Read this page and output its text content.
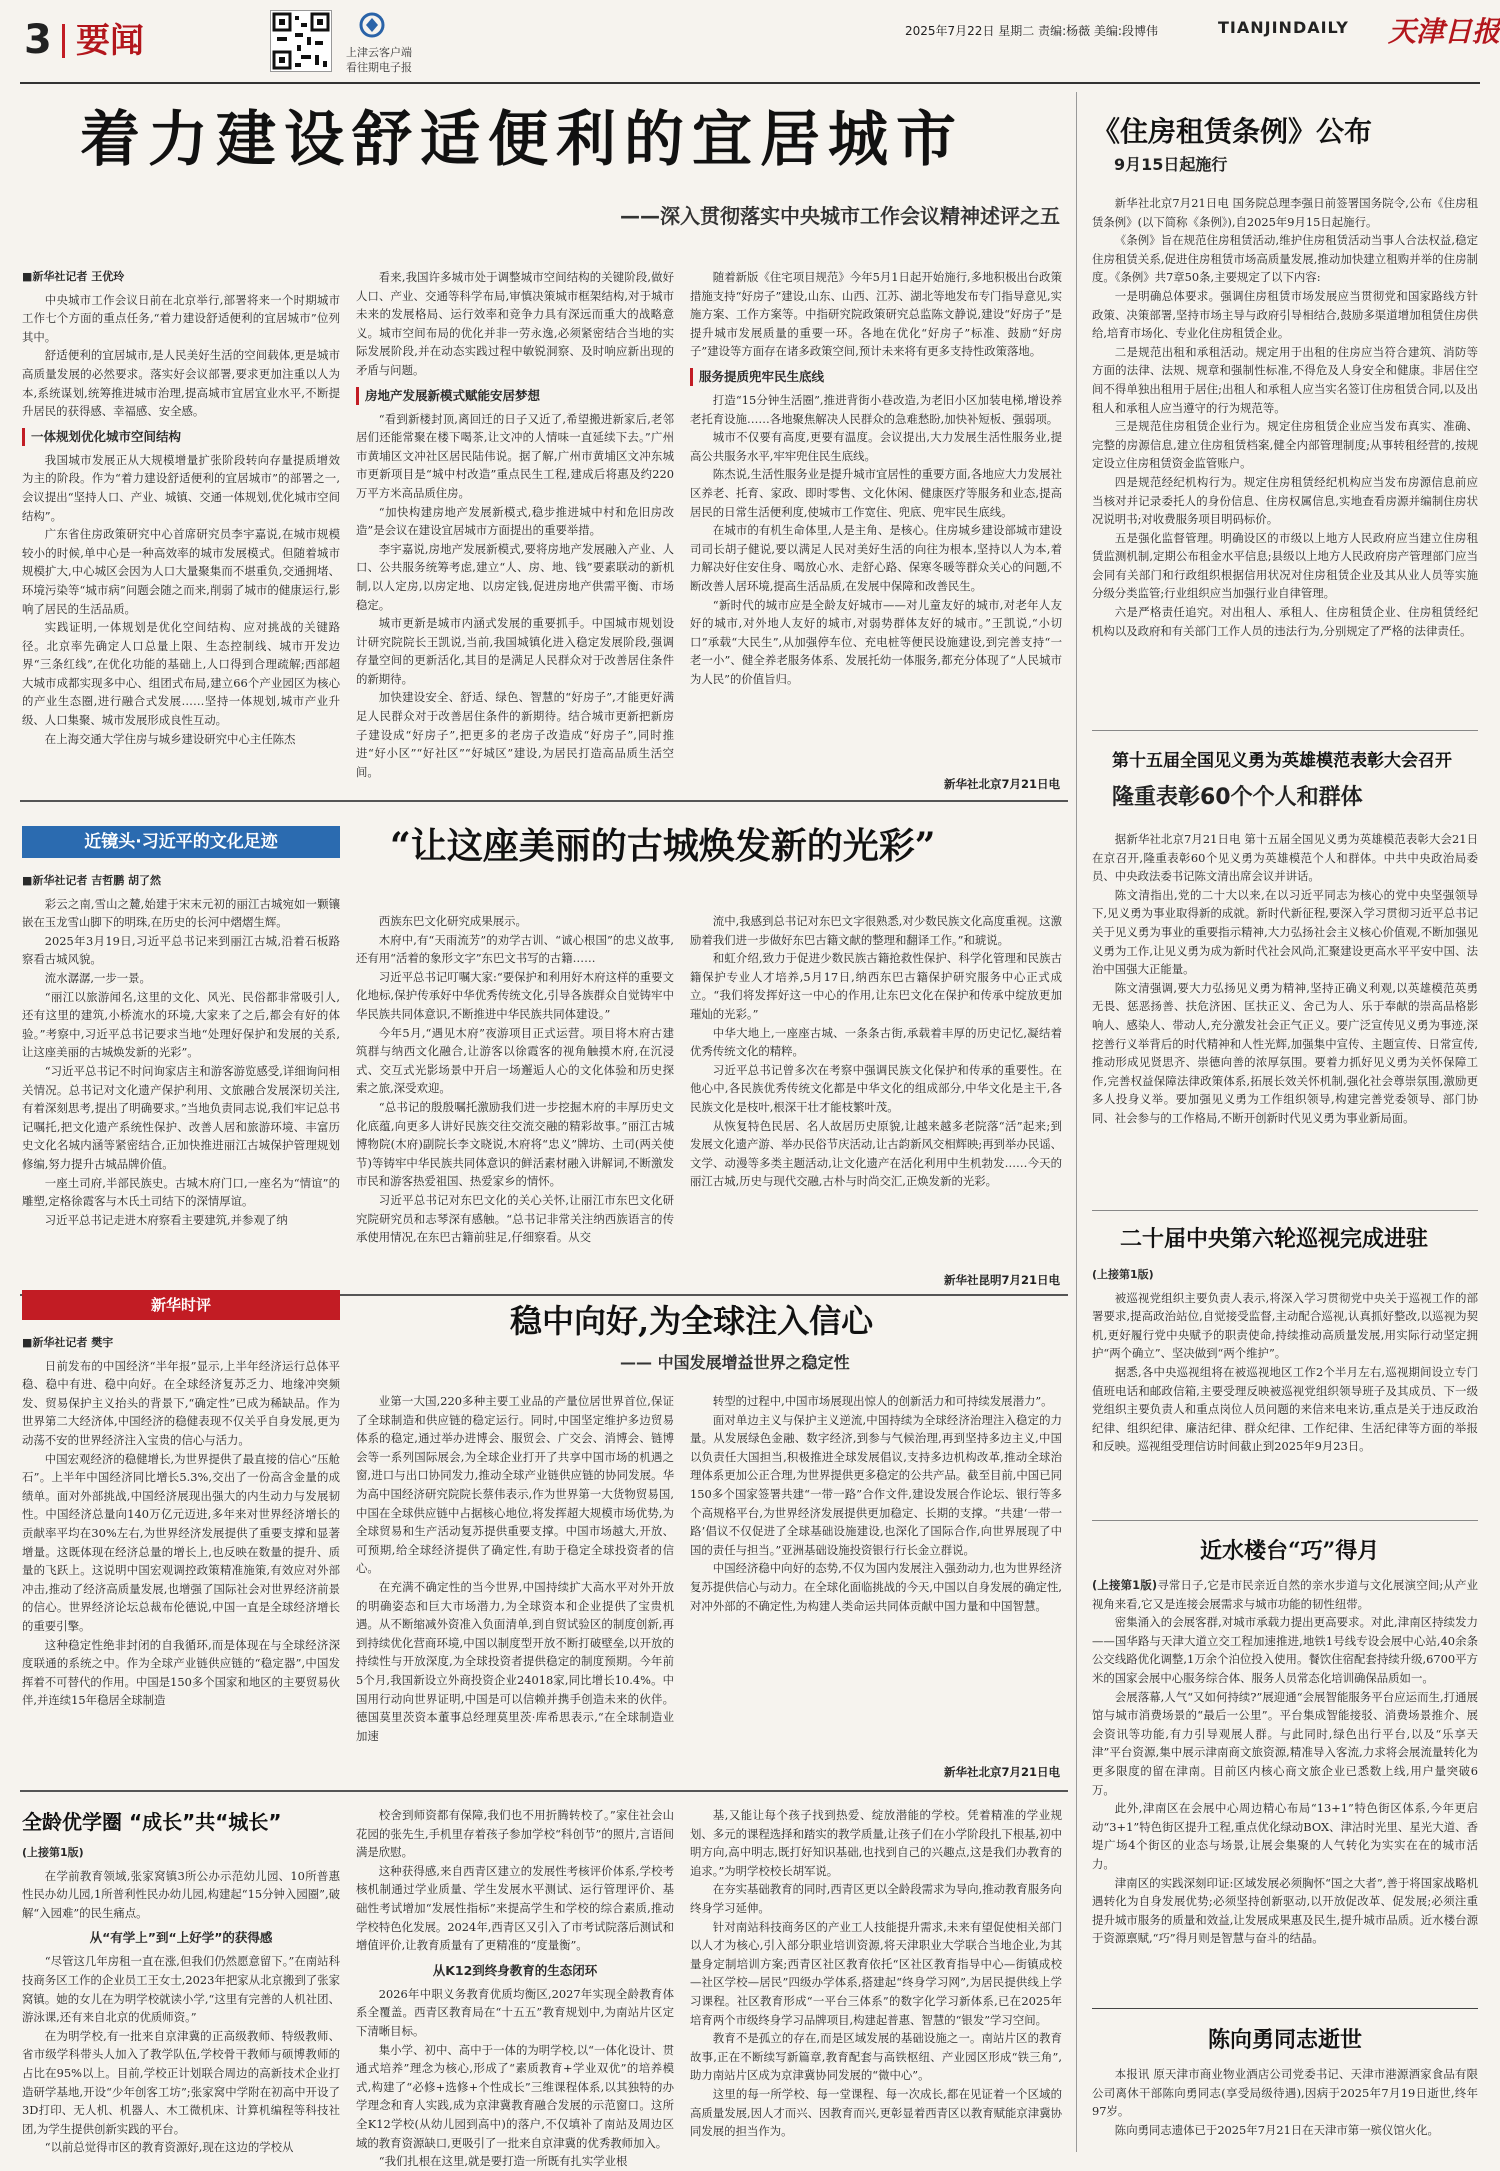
3 要闻	上津云客户端
看往期电子报
2025年7月22日 星期二 责编:杨薇 美编:段博伟	TIANJINDAILY 天津日报
着力建设舒适便利的宜居城市
——深入贯彻落实中央城市工作会议精神述评之五
■新华社记者 王优玲

中央城市工作会议日前在北京举行,部署将来一个时期城市工作七个方面的重点任务,“着力建设舒适便利的宜居城市”位列其中。

舒适便利的宜居城市,是人民美好生活的空间载体,更是城市高质量发展的必然要求。落实好会议部署,要求更加注重以人为本,系统谋划,统筹推进城市治理,提高城市宜居宜业水平,不断提升居民的获得感、幸福感、安全感。

一体规划优化城市空间结构

我国城市发展正从大规模增量扩张阶段转向存量提质增效为主的阶段。作为“着力建设舒适便利的宜居城市”的部署之一,会议提出“坚持人口、产业、城镇、交通一体规划,优化城市空间结构”。

广东省住房政策研究中心首席研究员李宇嘉说,在城市规模较小的时候,单中心是一种高效率的城市发展模式。但随着城市规模扩大,中心城区会因为人口大量聚集而不堪重负,交通拥堵、环境污染等“城市病”问题会随之而来,削弱了城市的健康运行,影响了居民的生活品质。

实践证明,一体规划是优化空间结构、应对挑战的关键路径。北京率先确定人口总量上限、生态控制线、城市开发边界“三条红线”,在优化功能的基础上,人口得到合理疏解;西部超大城市成都实现多中心、组团式布局,建立66个产业园区为核心的产业生态圈,进行融合式发展……坚持一体规划,城市产业升级、人口集聚、城市发展形成良性互动。

在上海交通大学住房与城乡建设研究中心主任陈杰

看来,我国许多城市处于调整城市空间结构的关键阶段,做好人口、产业、交通等科学布局,审慎决策城市框架结构,对于城市未来的发展格局、运行效率和竞争力具有深远而重大的战略意义。城市空间布局的优化并非一劳永逸,必须紧密结合当地的实际发展阶段,并在动态实践过程中敏锐洞察、及时响应新出现的矛盾与问题。

房地产发展新模式赋能安居梦想

“看到新楼封顶,离回迁的日子又近了,希望搬进新家后,老邻居们还能常聚在楼下喝茶,让文冲的人情味一直延续下去。”广州市黄埔区文冲社区居民陆伟说。据了解,广州市黄埔区文冲东城市更新项目是“城中村改造”重点民生工程,建成后将惠及约220万平方米高品质住房。

“加快构建房地产发展新模式,稳步推进城中村和危旧房改造”是会议在建设宜居城市方面提出的重要举措。

李宇嘉说,房地产发展新模式,要将房地产发展融入产业、人口、公共服务统筹考虑,建立“人、房、地、钱”要素联动的新机制,以人定房,以房定地、以房定钱,促进房地产供需平衡、市场稳定。

城市更新是城市内涵式发展的重要抓手。中国城市规划设计研究院院长王凯说,当前,我国城镇化进入稳定发展阶段,强调存量空间的更新活化,其目的是满足人民群众对于改善居住条件的新期待。

加快建设安全、舒适、绿色、智慧的“好房子”,才能更好满足人民群众对于改善居住条件的新期待。结合城市更新把新房子建设成“好房子”,把更多的老房子改造成“好房子”,同时推进“好小区”“好社区”“好城区”建设,为居民打造高品质生活空间。

随着新版《住宅项目规范》今年5月1日起开始施行,多地积极出台政策措施支持“好房子”建设,山东、山西、江苏、湖北等地发布专门指导意见,实施方案、工作方案等。中指研究院政策研究总监陈文静说,建设“好房子”是提升城市发展质量的重要一环。各地在优化“好房子”标准、鼓励“好房子”建设等方面存在诸多政策空间,预计未来将有更多支持性政策落地。

服务提质兜牢民生底线

打造“15分钟生活圈”,推进背街小巷改造,为老旧小区加装电梯,增设养老托育设施……各地聚焦解决人民群众的急难愁盼,加快补短板、强弱项。

城市不仅要有高度,更要有温度。会议提出,大力发展生活性服务业,提高公共服务水平,牢牢兜住民生底线。

陈杰说,生活性服务业是提升城市宜居性的重要方面,各地应大力发展社区养老、托育、家政、即时零售、文化休闲、健康医疗等服务和业态,提高居民的日常生活便利度,使城市工作宽住、兜底、兜牢民生底线。

在城市的有机生命体里,人是主角、是核心。住房城乡建设部城市建设司司长胡子健说,要以满足人民对美好生活的向往为根本,坚持以人为本,着力解决好住安住身、喝放心水、走舒心路、保寒冬暖等群众关心的问题,不断改善人居环境,提高生活品质,在发展中保障和改善民生。

“新时代的城市应是全龄友好城市——对儿童友好的城市,对老年人友好的城市,对外地人友好的城市,对弱势群体友好的城市。”王凯说,“小切口”承载“大民生”,从加强停车位、充电桩等便民设施建设,到完善支持“一老一小”、健全养老服务体系、发展托幼一体服务,都充分体现了“人民城市为人民”的价值旨归。

新华社北京7月21日电
《住房租赁条例》公布
9月15日起施行

新华社北京7月21日电 国务院总理李强日前签署国务院令,公布《住房租赁条例》(以下简称《条例》),自2025年9月15日起施行。

《条例》旨在规范住房租赁活动,维护住房租赁活动当事人合法权益,稳定住房租赁关系,促进住房租赁市场高质量发展,推动加快建立租购并举的住房制度。《条例》共7章50条,主要规定了以下内容:

一是明确总体要求。强调住房租赁市场发展应当贯彻党和国家路线方针政策、决策部署,坚持市场主导与政府引导相结合,鼓励多渠道增加租赁住房供给,培育市场化、专业化住房租赁企业。

二是规范出租和承租活动。规定用于出租的住房应当符合建筑、消防等方面的法律、法规、规章和强制性标准,不得危及人身安全和健康。非居住空间不得单独出租用于居住;出租人和承租人应当实名签订住房租赁合同,以及出租人和承租人应当遵守的行为规范等。

三是规范住房租赁企业行为。规定住房租赁企业应当发布真实、准确、完整的房源信息,建立住房租赁档案,健全内部管理制度;从事转租经营的,按规定设立住房租赁资金监管账户。

四是规范经纪机构行为。规定住房租赁经纪机构应当发布房源信息前应当核对并记录委托人的身份信息、住房权属信息,实地查看房源并编制住房状况说明书;对收费服务项目明码标价。

五是强化监督管理。明确设区的市级以上地方人民政府应当建立住房租赁监测机制,定期公布租金水平信息;县级以上地方人民政府房产管理部门应当会同有关部门和行政组织根据信用状况对住房租赁企业及其从业人员等实施分级分类监管;行业组织应当加强行业自律管理。

六是严格责任追究。对出租人、承租人、住房租赁企业、住房租赁经纪机构以及政府和有关部门工作人员的违法行为,分别规定了严格的法律责任。

第十五届全国见义勇为英雄模范表彰大会召开
隆重表彰60个个人和群体

据新华社北京7月21日电 第十五届全国见义勇为英雄模范表彰大会21日在京召开,隆重表彰60个见义勇为英雄模范个人和群体。中共中央政治局委员、中央政法委书记陈文清出席会议并讲话。

陈文清指出,党的二十大以来,在以习近平同志为核心的党中央坚强领导下,见义勇为事业取得新的成就。新时代新征程,要深入学习贯彻习近平总书记关于见义勇为事业的重要指示精神,大力弘扬社会主义核心价值观,不断加强见义勇为工作,让见义勇为成为新时代社会风尚,汇聚建设更高水平平安中国、法治中国强大正能量。

陈文清强调,要大力弘扬见义勇为精神,坚持正确义利观,以英雄模范英勇无畏、惩恶扬善、扶危济困、匡扶正义、舍己为人、乐于奉献的崇高品格影响人、感染人、带动人,充分激发社会正气正义。要广泛宣传见义勇为事迹,深挖善行义举背后的时代精神和人性光辉,加强集中宣传、主题宣传、日常宣传,推动形成见贤思齐、崇德向善的浓厚氛围。要着力抓好见义勇为关怀保障工作,完善权益保障法律政策体系,拓展长效关怀机制,强化社会尊崇氛围,激励更多人投身义举。要加强见义勇为工作组织领导,构建完善党委领导、部门协同、社会参与的工作格局,不断开创新时代见义勇为事业新局面。

二十届中央第六轮巡视完成进驻
(上接第1版)

被巡视党组织主要负责人表示,将深入学习贯彻党中央关于巡视工作的部署要求,提高政治站位,自觉接受监督,主动配合巡视,认真抓好整改,以巡视为契机,更好履行党中央赋予的职责使命,持续推动高质量发展,用实际行动坚定拥护“两个确立”、坚决做到“两个维护”。

据悉,各中央巡视组将在被巡视地区工作2个半月左右,巡视期间设立专门值班电话和邮政信箱,主要受理反映被巡视党组织领导班子及其成员、下一级党组织主要负责人和重点岗位人员问题的来信来电来访,重点是关于违反政治纪律、组织纪律、廉洁纪律、群众纪律、工作纪律、生活纪律等方面的举报和反映。巡视组受理信访时间截止到2025年9月23日。

近水楼台“巧”得月

(上接第1版)寻常日子,它是市民亲近自然的亲水步道与文化展演空间;从产业视角来看,它又是连接会展需求与城市功能的韧性纽带。

密集涌入的会展客群,对城市承载力提出更高要求。对此,津南区持续发力——国华路与天津大道立交工程加速推进,地铁1号线专设会展中心站,40余条公交线路优化调整,1万余个泊位投入使用。餐饮住宿配套持续升级,6700平方米的国家会展中心服务综合体、服务人员常态化培训确保品质如一。

会展落幕,人气“又如何持续?”展迎通“会展智能服务平台应运而生,打通展馆与城市消费场景的“最后一公里”。平台集成智能接驳、消费场景推介、展会资讯等功能,有力引导观展人群。与此同时,绿色出行平台,以及“乐享天津”平台资源,集中展示津南商文旅资源,精准导入客流,力求将会展流量转化为更多限度的留在津南。目前区内核心商文旅企业已悉数上线,用户量突破6万。

此外,津南区在会展中心周边精心布局“13+1”特色街区体系,今年更启动“3+1”特色街区提升工程,重点优化绿动BOX、津沽时光里、星光大道、香堤广场4个街区的业态与场景,让展会集聚的人气转化为实实在在的城市活力。

津南区的实践深刻印证:区域发展必须胸怀“国之大者”,善于将国家战略机遇转化为自身发展优势;必须坚持创新驱动,以开放促改革、促发展;必须注重提升城市服务的质量和效益,让发展成果惠及民生,提升城市品质。近水楼台源于资源禀赋,“巧”得月则是智慧与奋斗的结晶。

陈向勇同志逝世

本报讯 原天津市商业物业酒店公司党委书记、天津市港源酒家食品有限公司离休干部陈向勇同志(享受局级待遇),因病于2025年7月19日逝世,终年97岁。

陈向勇同志遗体已于2025年7月21日在天津市第一殡仪馆火化。

近镜头·习近平的文化足迹	“让这座美丽的古城焕发新的光彩”
■新华社记者 吉哲鹏 胡了然

彩云之南,雪山之麓,始建于宋末元初的丽江古城宛如一颗镶嵌在玉龙雪山脚下的明珠,在历史的长河中熠熠生辉。

2025年3月19日,习近平总书记来到丽江古城,沿着石板路察看古城风貌。

流水潺潺,一步一景。

“丽江以旅游闻名,这里的文化、风光、民俗都非常吸引人,还有这里的建筑,小桥流水的环境,大家来了之后,都会有好的体验。”考察中,习近平总书记要求当地“处理好保护和发展的关系,让这座美丽的古城焕发新的光彩”。

“习近平总书记不时问询家店主和游客游览感受,详细询问相关情况。总书记对文化遗产保护利用、文旅融合发展深切关注,有着深刻思考,提出了明确要求。”当地负责同志说,我们牢记总书记嘱托,把文化遗产系统性保护、改善人居和旅游环境、丰富历史文化名城内涵等紧密结合,正加快推进丽江古城保护管理规划修编,努力提升古城品牌价值。

一座土司府,半部民族史。古城木府门口,一座名为“情谊”的雕塑,定格徐霞客与木氏土司结下的深情厚谊。

习近平总书记走进木府察看主要建筑,并参观了纳

西族东巴文化研究成果展示。

木府中,有“天雨流芳”的劝学古训、“诚心根国”的忠义故事,还有用“活着的象形文字”东巴文书写的古籍……

习近平总书记叮嘱大家:“要保护和利用好木府这样的重要文化地标,保护传承好中华优秀传统文化,引导各族群众自觉铸牢中华民族共同体意识,不断推进中华民族共同体建设。”

今年5月,“遇见木府”夜游项目正式运营。项目将木府古建筑群与纳西文化融合,让游客以徐霞客的视角触摸木府,在沉浸式、交互式光影场景中开启一场邂逅人心的文化体验和历史探索之旅,深受欢迎。

“总书记的殷殷嘱托激励我们进一步挖掘木府的丰厚历史文化底蕴,向更多人讲好民族交往交流交融的精彩故事。”丽江古城博物院(木府)副院长李文晓说,木府将“忠义”牌坊、土司(两关使节)等铸牢中华民族共同体意识的鲜活素材融入讲解词,不断激发市民和游客热爱祖国、热爱家乡的情怀。

习近平总书记对东巴文化的关心关怀,让丽江市东巴文化研究院研究员和志琴深有感触。“总书记非常关注纳西族语言的传承使用情况,在东巴古籍前驻足,仔细察看。从交

流中,我感到总书记对东巴文字很熟悉,对少数民族文化高度重视。这激励着我们进一步做好东巴古籍文献的整理和翻译工作。”和琥说。

和虹介绍,致力于促进少数民族古籍抢救性保护、科学化管理和民族古籍保护专业人才培养,5月17日,纳西东巴古籍保护研究服务中心正式成立。“我们将发挥好这一中心的作用,让东巴文化在保护和传承中绽放更加璀灿的光彩。”

中华大地上,一座座古城、一条条古街,承载着丰厚的历史记忆,凝结着优秀传统文化的精粹。

习近平总书记曾多次在考察中强调民族文化保护和传承的重要性。在他心中,各民族优秀传统文化都是中华文化的组成部分,中华文化是主干,各民族文化是枝叶,根深干壮才能枝繁叶茂。

从恢复特色民居、名人故居历史原貌,让越来越多老院落“活”起来;到发展文化遗产游、举办民俗节庆活动,让古韵新风交相辉映;再到举办民谣、文学、动漫等多类主题活动,让文化遗产在活化利用中生机勃发……今天的丽江古城,历史与现代交融,古朴与时尚交汇,正焕发新的光彩。

新华社昆明7月21日电
新华时评	稳中向好,为全球注入信心
—— 中国发展增益世界之稳定性
■新华社记者 樊宇

日前发布的中国经济“半年报”显示,上半年经济运行总体平稳、稳中有进、稳中向好。在全球经济复苏乏力、地缘冲突频发、贸易保护主义抬头的背景下,“确定性”已成为稀缺品。作为世界第二大经济体,中国经济的稳健表现不仅关乎自身发展,更为动荡不安的世界经济注入宝贵的信心与活力。

中国宏观经济的稳健增长,为世界提供了最直接的信心“压舱石”。上半年中国经济同比增长5.3%,交出了一份高含金量的成绩单。面对外部挑战,中国经济展现出强大的内生动力与发展韧性。中国经济总量向140万亿元迈进,多年来对世界经济增长的贡献率平均在30%左右,为世界经济发展提供了重要支撑和显著增量。这既体现在经济总量的增长上,也反映在数量的提升、质量的飞跃上。这说明中国宏观调控政策精准施策,有效应对外部冲击,推动了经济高质量发展,也增强了国际社会对世界经济前景的信心。世界经济论坛总裁布伦德说,中国一直是全球经济增长的重要引擎。

这种稳定性绝非封闭的自我循环,而是体现在与全球经济深度联通的系统之中。作为全球产业链供应链的“稳定器”,中国发挥着不可替代的作用。中国是150多个国家和地区的主要贸易伙伴,并连续15年稳居全球制造

业第一大国,220多种主要工业品的产量位居世界首位,保证了全球制造和供应链的稳定运行。同时,中国坚定维护多边贸易体系的稳定,通过举办进博会、服贸会、广交会、消博会、链博会等一系列国际展会,为全球企业打开了共享中国市场的机遇之窗,进口与出口协同发力,推动全球产业链供应链的协同发展。华为高中国经济研究院院长蔡伟表示,作为世界第一大货物贸易国,中国在全球供应链中占据核心地位,将发挥超大规模市场优势,为全球贸易和生产活动复苏提供重要支撑。中国市场越大,开放、可预期,给全球经济提供了确定性,有助于稳定全球投资者的信心。

在充满不确定性的当今世界,中国持续扩大高水平对外开放的明确姿态和巨大市场潜力,为全球资本和企业提供了宝贵机遇。从不断缩减外资准入负面清单,到自贸试验区的制度创新,再到持续优化营商环境,中国以制度型开放不断打破壁垒,以开放的持续性与开放深度,为全球投资者提供稳定的制度预期。今年前5个月,我国新设立外商投资企业24018家,同比增长10.4%。中国用行动向世界证明,中国是可以信赖并携手创造未来的伙伴。德国莫里茨资本董事总经理莫里茨·库希思表示,“在全球制造业加速

转型的过程中,中国市场展现出惊人的创新活力和可持续发展潜力”。

面对单边主义与保护主义逆流,中国持续为全球经济治理注入稳定的力量。从发展绿色金融、数字经济,到参与气候治理,再到坚持多边主义,中国以负责任大国担当,积极推进全球发展倡议,支持多边机构改革,推动全球治理体系更加公正合理,为世界提供更多稳定的公共产品。截至目前,中国已同150多个国家签署共建“一带一路”合作文件,建设发展合作论坛、银行等多个高规格平台,为世界经济发展提供更加稳定、长期的支撑。“共建‘一带一路’倡议不仅促进了全球基础设施建设,也深化了国际合作,向世界展现了中国的责任与担当。”亚洲基础设施投资银行行长金立群说。

中国经济稳中向好的态势,不仅为国内发展注入强劲动力,也为世界经济复苏提供信心与动力。在全球化面临挑战的今天,中国以自身发展的确定性,对冲外部的不确定性,为构建人类命运共同体贡献中国力量和中国智慧。

新华社北京7月21日电
全龄优学圈 “成长”共“城长”
(上接第1版)

在学前教育领域,张家窝镇3所公办示范幼儿园、10所普惠性民办幼儿园,1所普利性民办幼儿园,构建起“15分钟入园圈”,破解“入园难”的民生痛点。

从“有学上”到“上好学”的获得感

“尽管这几年房租一直在涨,但我们仍然愿意留下。”在南站科技商务区工作的企业员工王女士,2023年把家从北京搬到了张家窝镇。她的女儿在为明学校就读小学,“这里有完善的人机社团、游泳课,还有来自北京的优质师资。”

在为明学校,有一批来自京津冀的正高级教师、特级教师、省市级学科带头人加入了教学队伍,学校骨干教师与硕博教师的占比在95%以上。目前,学校正计划联合周边的高新技术企业打造研学基地,开设“少年创客工坊”;张家窝中学附在初高中开设了3D打印、无人机、机器人、木工微机床、计算机编程等科技社团,为学生提供创新实践的平台。

“以前总觉得市区的教育资源好,现在这边的学校从

校舍到师资都有保障,我们也不用折腾转校了。”家住社会山花园的张先生,手机里存着孩子参加学校“科创节”的照片,言语间满是欣慰。

这种获得感,来自西青区建立的发展性考核评价体系,学校考核机制通过学业质量、学生发展水平测试、运行管理评价、基础性考试增加“发展性指标”来提高学生和学校的综合素质,推动学校特色化发展。2024年,西青区又引入了市考试院落后测试和增值评价,让教育质量有了更精准的“度量衡”。

从K12到终身教育的生态闭环

2026年中职义务教育优质均衡区,2027年实现全龄教育体系全覆盖。西青区教育局在“十五五”教育规划中,为南站片区定下清晰目标。

集小学、初中、高中于一体的为明学校,以“一体化设计、贯通式培养”理念为核心,形成了“素质教育+学业双优”的培养模式,构建了“必修+选修+个性成长”三维课程体系,以其独特的办学理念和育人实践,成为京津冀教育融合发展的示范窗口。这所全K12学校(从幼儿园到高中)的落户,不仅填补了南站及周边区域的教育资源缺口,更吸引了一批来自京津冀的优秀教师加入。

“我们扎根在这里,就是要打造一所既有扎实学业根

基,又能让每个孩子找到热爱、绽放潜能的学校。凭着精准的学业规划、多元的课程选择和踏实的教学质量,让孩子们在小学阶段扎下根基,初中明方向,高中明志,既打好知识基础,也找到自己的兴趣点,这是我们办教育的追求。”为明学校校长胡军说。

在夯实基础教育的同时,西青区更以全龄段需求为导向,推动教育服务向终身学习延伸。

针对南站科技商务区的产业工人技能提升需求,未来有望促使相关部门以人才为核心,引入部分职业培训资源,将天津职业大学联合当地企业,为其量身定制培训方案;西青区社区教育依托“区社区教育指导中心—街镇成校—社区学校—居民”四级办学体系,搭建起“终身学习网”,为居民提供线上学习课程。社区教育形成“一平台三体系”的数字化学习新体系,已在2025年培育两个市级终身学习品牌项目,构建起普惠、智慧的“银发”学习空间。

教育不是孤立的存在,而是区域发展的基础设施之一。南站片区的教育故事,正在不断续写新篇章,教育配套与高铁枢纽、产业园区形成“铁三角”,助力南站片区成为京津冀协同发展的“微中心”。

这里的每一所学校、每一堂课程、每一次成长,都在见证着一个区域的高质量发展,因人才而兴、因教育而兴,更彰显着西青区以教育赋能京津冀协同发展的担当作为。
